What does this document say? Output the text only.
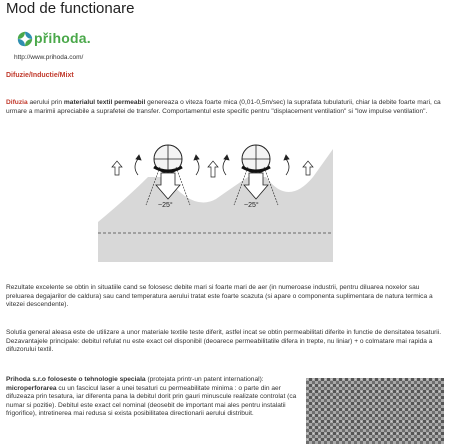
Mod de functionare
přihoda.
http://www.prihoda.com/
Difuzie/Inductie/Mixt
Difuzia aerului prin materialul textil permeabil genereaza o viteza foarte mica (0,01-0,5m/sec) la suprafata tubulaturii, chiar la debite foarte mari, ca urmare a marimii apreciabile a suprafetei de transfer. Comportamentul este specific pentru "displacement ventilation" si "low impulse ventilation".
~25°	~25°
Rezultate excelente se obtin in situatiile cand se folosesc debite mari si foarte mari de aer (in numeroase industrii, pentru diluarea noxelor sau preluarea degajarilor de caldura) sau cand temperatura aerului tratat este foarte scazuta (si apare o componenta suplimentara de natura termica a vitezei descendente).
Solutia general aleasa este de utilizare a unor materiale textile teste diferit, astfel incat se obtin permeabilitati diferite in functie de densitatea tesaturii. Dezavantajele principale: debitul refulat nu este exact cel disponibil (deoarece permeabilitatile difera in trepte, nu liniar) + o colmatare mai rapida a difuzorului textil.
Prihoda s.r.o foloseste o tehnologie speciala (protejata printr-un patent international): microperforarea cu un fascicul laser a unei tesaturi cu permeabilitate minima : o parte din aer difuzeaza prin tesatura, iar diferenta pana la debitul dorit prin gauri minuscule realizate controlat (ca numar si pozitie). Debitul este exact cel nominal (deosebit de important mai ales pentru instalatii frigorifice), intretinerea mai redusa si exista posibilitatea directionarii aerului distribuit.
